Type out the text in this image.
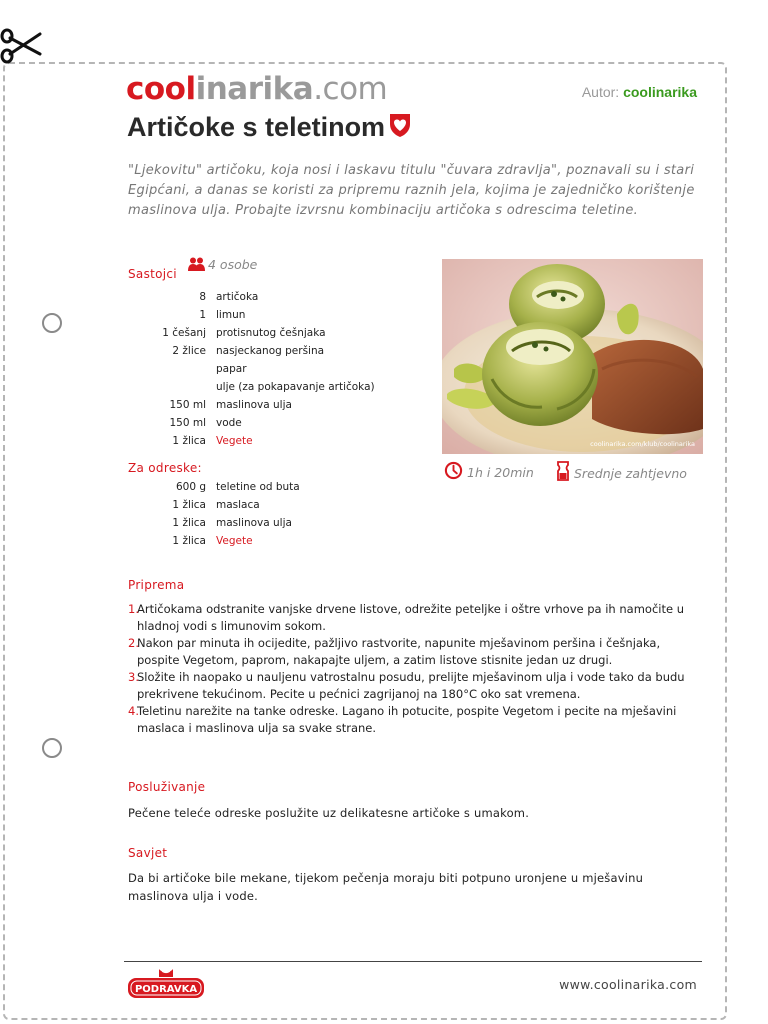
coolinarika.com	Autor: coolinarika
Artičoke s teletinom
"Ljekovitu" artičoku, koja nosi i laskavu titulu "čuvara zdravlja", poznavali su i stari Egipćani, a danas se koristi za pripremu raznih jela, kojima je zajedničko korištenje maslinova ulja. Probajte izvrsnu kombinaciju artičoka s odrescima teletine.
Sastojci
4 osobe
8	artičoka
1	limun
1 češanj	protisnutog češnjaka
2 žlice	nasjeckanog peršina
	papar
	ulje (za pokapavanje artičoka)
150 ml	maslinova ulja
150 ml	vode
1 žlica	Vegete
Za odreske:
600 g	teletine od buta
1 žlica	maslaca
1 žlica	maslinova ulja
1 žlica	Vegete
coolinarika.com/klub/coolinarika
1h i 20min	Srednje zahtjevno
Priprema
1.
Artičokama odstranite vanjske drvene listove, odrežite peteljke i oštre vrhove pa ih namočite u hladnoj vodi s limunovim sokom.
2.
Nakon par minuta ih ocijedite, pažljivo rastvorite, napunite mješavinom peršina i češnjaka, pospite Vegetom, paprom, nakapajte uljem, a zatim listove stisnite jedan uz drugi.
3.
Složite ih naopako u nauljenu vatrostalnu posudu, prelijte mješavinom ulja i vode tako da budu prekrivene tekućinom. Pecite u pećnici zagrijanoj na 180°C oko sat vremena.
4.
Teletinu narežite na tanke odreske. Lagano ih potucite, pospite Vegetom i pecite na mješavini maslaca i maslinova ulja sa svake strane.
Posluživanje
Pečene teleće odreske poslužite uz delikatesne artičoke s umakom.
Savjet
Da bi artičoke bile mekane, tijekom pečenja moraju biti potpuno uronjene u mješavinu maslinova ulja i vode.
PODRAVKA	www.coolinarika.com
